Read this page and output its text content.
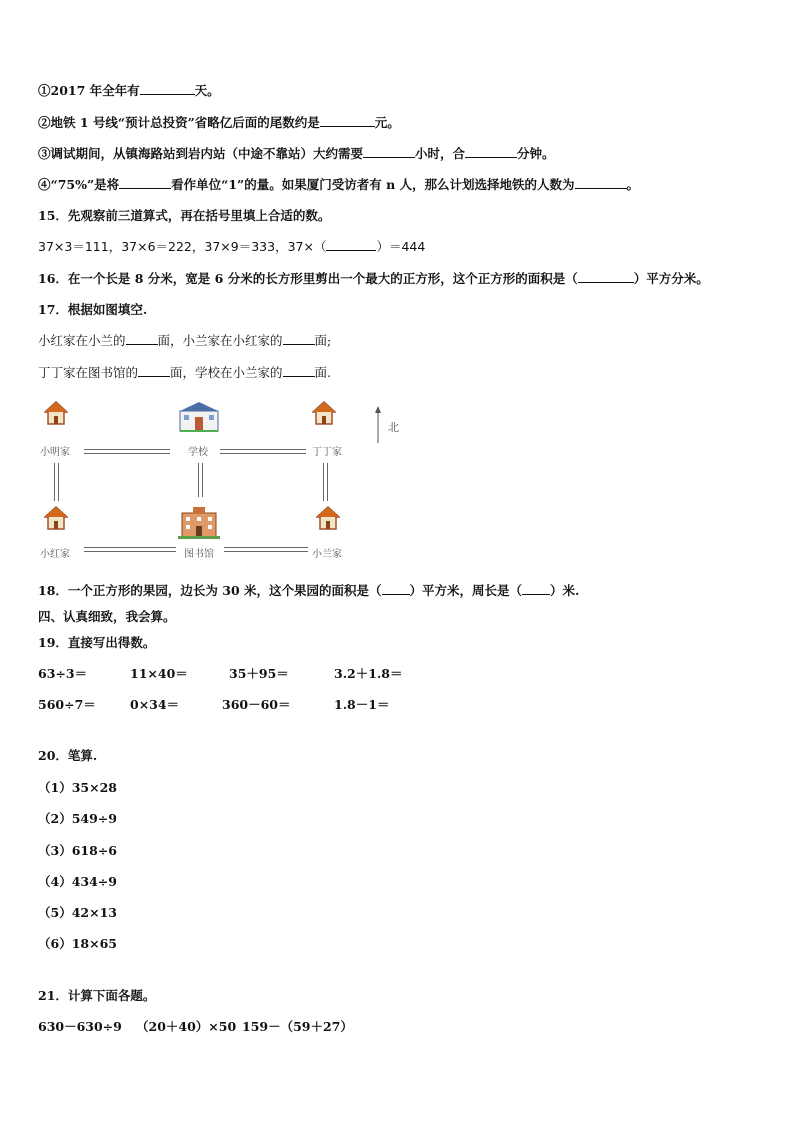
①2017 年全年有	天。
②地铁 1 号线“预计总投资”省略亿后面的尾数约是	元。
③调试期间，从镇海路站到岩内站（中途不靠站）大约需要	小时，合	分钟。
④“75%”是将	看作单位“1”的量。如果厦门受访者有 n 人，那么计划选择地铁的人数为	。
15．先观察前三道算式，再在括号里填上合适的数。
37×3＝111，37×6＝222，37×9＝333，37×（	）＝444
16．在一个长是 8 分米，宽是 6 分米的长方形里剪出一个最大的正方形，这个正方形的面积是（	）平方分米。
17．根据如图填空.
小红家在小兰的	面，小兰家在小红家的	面;
丁丁家在图书馆的	面，学校在小兰家的	面.
小明家	学校	丁丁家
小红家	图书馆	小兰家
北
18．一个正方形的果园，边长为 30 米，这个果园的面积是（ ）平方米，周长是（ ）米.
四、认真细致，我会算。
19．直接写出得数。
63÷3＝	11×40＝	35＋95＝	3.2＋1.8＝
560÷7＝	0×34＝	360－60＝	1.8－1＝
20．笔算.
（1）35×28
（2）549÷9
（3）618÷6
（4）434÷9
（5）42×13
（6）18×65
21．计算下面各题。
630－630÷9 （20＋40）×50 159－（59＋27）
